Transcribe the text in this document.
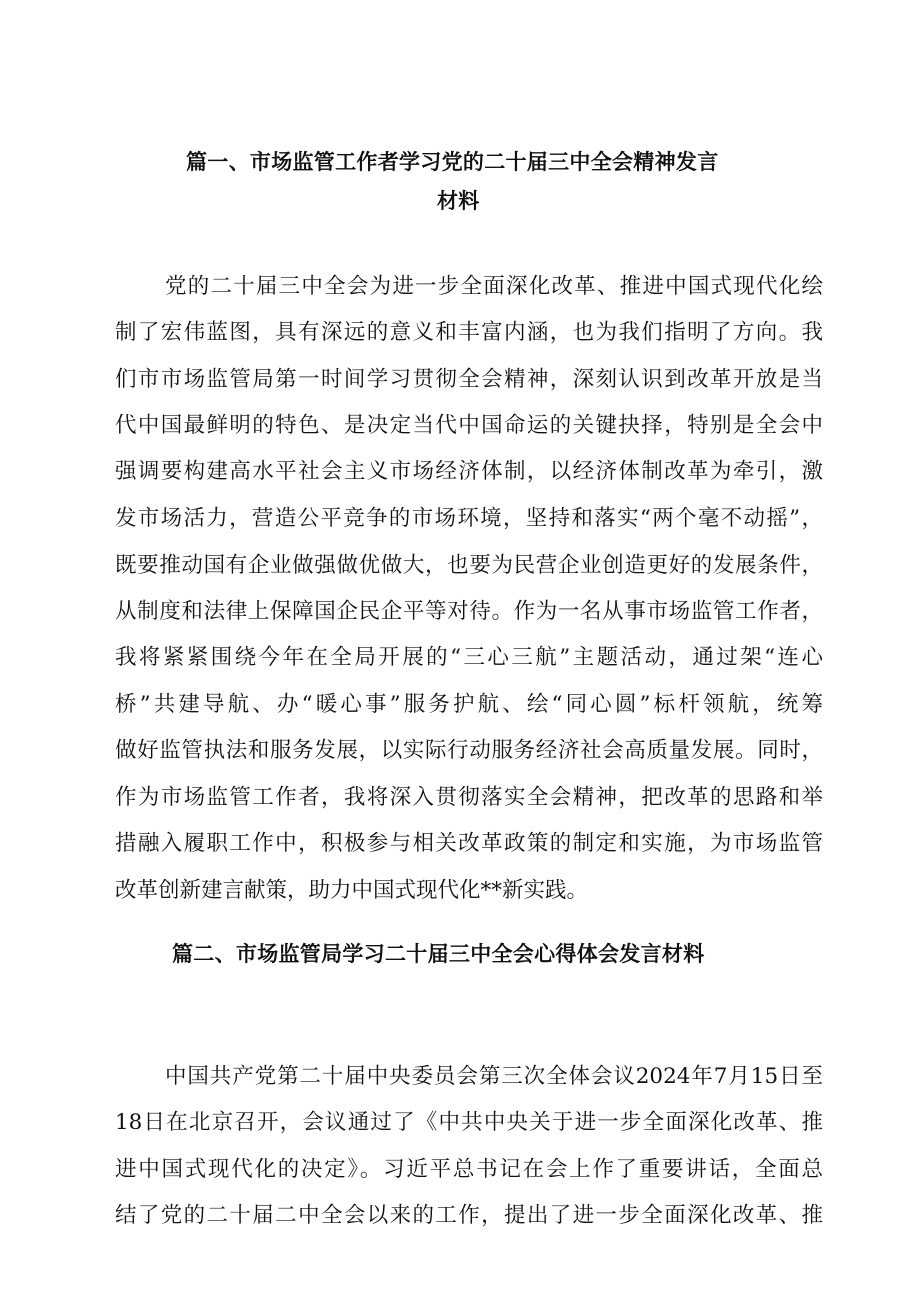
篇一、市场监管工作者学习党的二十届三中全会精神发言
材料
党的二十届三中全会为进一步全面深化改革、推进中国式现代化绘
制了宏伟蓝图，具有深远的意义和丰富内涵，也为我们指明了方向。我
们市市场监管局第一时间学习贯彻全会精神，深刻认识到改革开放是当
代中国最鲜明的特色、是决定当代中国命运的关键抉择，特别是全会中
强调要构建高水平社会主义市场经济体制，以经济体制改革为牵引，激
发市场活力，营造公平竞争的市场环境，坚持和落实“两个毫不动摇”，
既要推动国有企业做强做优做大，也要为民营企业创造更好的发展条件，
从制度和法律上保障国企民企平等对待。作为一名从事市场监管工作者，
我将紧紧围绕今年在全局开展的“三心三航”主题活动，通过架“连心
桥”共建导航、办“暖心事”服务护航、绘“同心圆”标杆领航，统筹
做好监管执法和服务发展，以实际行动服务经济社会高质量发展。同时，
作为市场监管工作者，我将深入贯彻落实全会精神，把改革的思路和举
措融入履职工作中，积极参与相关改革政策的制定和实施，为市场监管
改革创新建言献策，助力中国式现代化**新实践。
篇二、市场监管局学习二十届三中全会心得体会发言材料
中国共产党第二十届中央委员会第三次全体会议2024年7月15日至
18日在北京召开，会议通过了《中共中央关于进一步全面深化改革、推
进中国式现代化的决定》。习近平总书记在会上作了重要讲话，全面总
结了党的二十届二中全会以来的工作，提出了进一步全面深化改革、推
